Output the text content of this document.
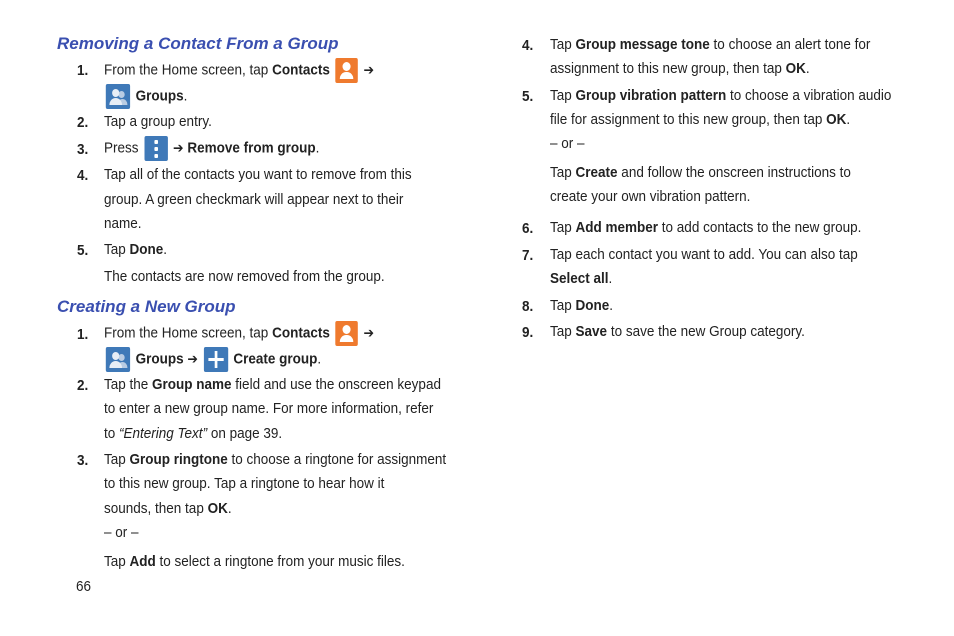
Removing a Contact From a Group
1. From the Home screen, tap Contacts ➔
Groups.
2. Tap a group entry.
3. Press
➔ Remove from group.
4. Tap all of the contacts you want to remove from this
group. A green checkmark will appear next to their
name.
5. Tap Done.
The contacts are now removed from the group.
Creating a New Group
1. From the Home screen, tap Contacts ➔
Groups ➔ Create group.
2. Tap the Group name field and use the onscreen keypad
to enter a new group name. For more information, refer
to “Entering Text” on page 39.
3. Tap Group ringtone to choose a ringtone for assignment
to this new group. Tap a ringtone to hear how it
sounds, then tap OK.
– or –
Tap Add to select a ringtone from your music files.
66
4. Tap Group message tone to choose an alert tone for
assignment to this new group, then tap OK.
5. Tap Group vibration pattern to choose a vibration audio
file for assignment to this new group, then tap OK.
– or –
Tap Create and follow the onscreen instructions to
create your own vibration pattern.
6. Tap Add member to add contacts to the new group.
7. Tap each contact you want to add. You can also tap
Select all.
8. Tap Done.
9. Tap Save to save the new Group category.
